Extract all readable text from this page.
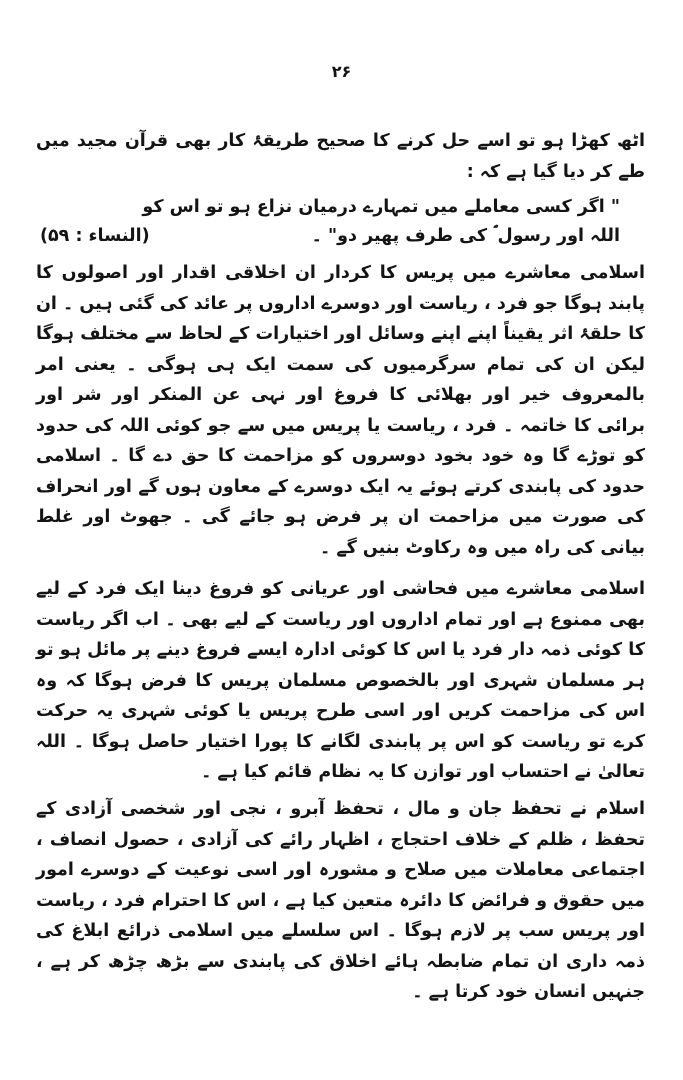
۲۶
اٹھ کھڑا ہو تو اسے حل کرنے کا صحیح طریقۂ کار بھی قرآن مجید میں طے کر دیا گیا ہے کہ :
" اگر کسی معاملے میں تمہارے درمیان نزاع ہو تو اس کو
(النساء : ۵۹)	اللہ اور رسول ؐ کی طرف پھیر دو" ۔
اسلامی معاشرے میں پریس کا کردار ان اخلاقی اقدار اور اصولوں کا پابند ہوگا جو فرد ، ریاست اور دوسرے اداروں پر عائد کی گئی ہیں ۔ ان کا حلقۂ اثر یقیناً اپنے اپنے وسائل اور اختیارات کے لحاظ سے مختلف ہوگا لیکن ان کی تمام سرگرمیوں کی سمت ایک ہی ہوگی ۔ یعنی امر بالمعروف خیر اور بھلائی کا فروغ اور نہی عن المنکر اور شر اور برائی کا خاتمہ ۔ فرد ، ریاست یا پریس میں سے جو کوئی اللہ کی حدود کو توڑے گا وہ خود بخود دوسروں کو مزاحمت کا حق دے گا ۔ اسلامی حدود کی پابندی کرتے ہوئے یہ ایک دوسرے کے معاون ہوں گے اور انحراف کی صورت میں مزاحمت ان پر فرض ہو جائے گی ۔ جھوٹ اور غلط بیانی کی راہ میں وہ رکاوٹ بنیں گے ۔
اسلامی معاشرے میں فحاشی اور عریانی کو فروغ دینا ایک فرد کے لیے بھی ممنوع ہے اور تمام اداروں اور ریاست کے لیے بھی ۔ اب اگر ریاست کا کوئی ذمہ دار فرد یا اس کا کوئی ادارہ ایسے فروغ دینے پر مائل ہو تو ہر مسلمان شہری اور بالخصوص مسلمان پریس کا فرض ہوگا کہ وہ اس کی مزاحمت کریں اور اسی طرح پریس یا کوئی شہری یہ حرکت کرے تو ریاست کو اس پر پابندی لگانے کا پورا اختیار حاصل ہوگا ۔ اللہ تعالیٰ نے احتساب اور توازن کا یہ نظام قائم کیا ہے ۔
اسلام نے تحفظ جان و مال ، تحفظ آبرو ، نجی اور شخصی آزادی کے تحفظ ، ظلم کے خلاف احتجاج ، اظہار رائے کی آزادی ، حصول انصاف ، اجتماعی معاملات میں صلاح و مشورہ اور اسی نوعیت کے دوسرے امور میں حقوق و فرائض کا دائرہ متعین کیا ہے ، اس کا احترام فرد ، ریاست اور پریس سب پر لازم ہوگا ۔ اس سلسلے میں اسلامی ذرائع ابلاغ کی ذمہ داری ان تمام ضابطہ ہائے اخلاق کی پابندی سے بڑھ چڑھ کر ہے ، جنہیں انسان خود کرتا ہے ۔
